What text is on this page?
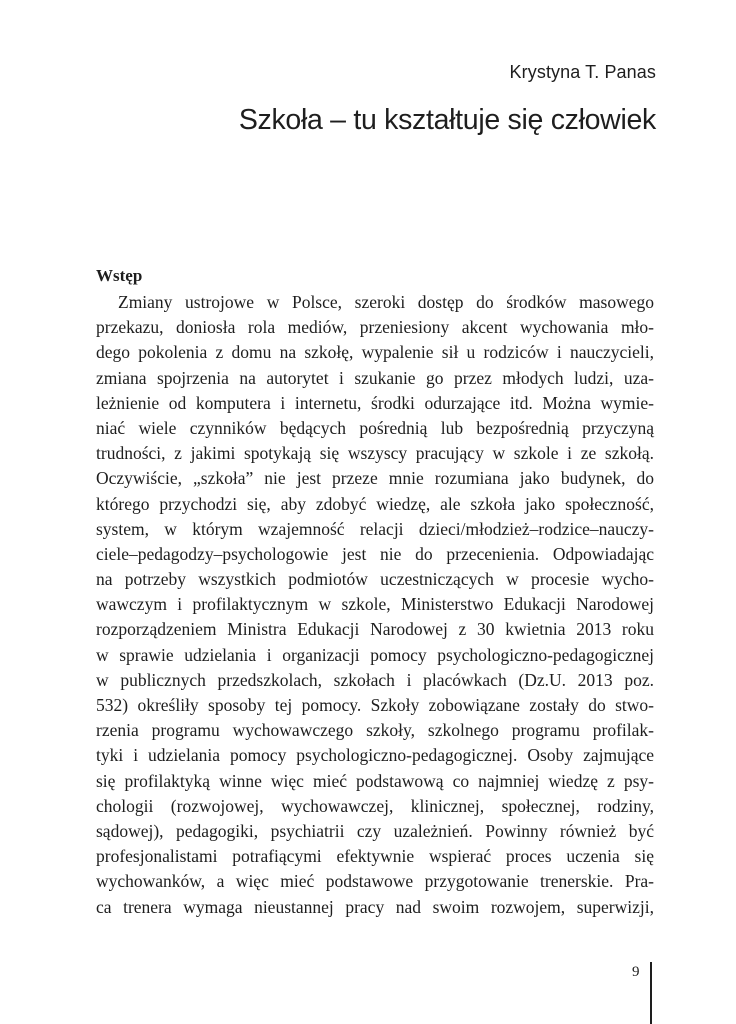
Krystyna T. Panas
Szkoła – tu kształtuje się człowiek
Wstęp
Zmiany ustrojowe w Polsce, szeroki dostęp do środków masowego
przekazu, doniosła rola mediów, przeniesiony akcent wychowania mło-
dego pokolenia z domu na szkołę, wypalenie sił u rodziców i nauczycieli,
zmiana spojrzenia na autorytet i szukanie go przez młodych ludzi, uza-
leżnienie od komputera i internetu, środki odurzające itd. Można wymie-
niać wiele czynników będących pośrednią lub bezpośrednią przyczyną
trudności, z jakimi spotykają się wszyscy pracujący w szkole i ze szkołą.
Oczywiście, „szkoła” nie jest przeze mnie rozumiana jako budynek, do
którego przychodzi się, aby zdobyć wiedzę, ale szkoła jako społeczność,
system, w którym wzajemność relacji dzieci/młodzież–rodzice–nauczy-
ciele–pedagodzy–psychologowie jest nie do przecenienia. Odpowiadając
na potrzeby wszystkich podmiotów uczestniczących w procesie wycho-
wawczym i profilaktycznym w szkole, Ministerstwo Edukacji Narodowej
rozporządzeniem Ministra Edukacji Narodowej z 30 kwietnia 2013 roku
w sprawie udzielania i organizacji pomocy psychologiczno-pedagogicznej
w publicznych przedszkolach, szkołach i placówkach (Dz.U. 2013 poz.
532) określiły sposoby tej pomocy. Szkoły zobowiązane zostały do stwo-
rzenia programu wychowawczego szkoły, szkolnego programu profilak-
tyki i udzielania pomocy psychologiczno-pedagogicznej. Osoby zajmujące
się profilaktyką winne więc mieć podstawową co najmniej wiedzę z psy-
chologii (rozwojowej, wychowawczej, klinicznej, społecznej, rodziny,
sądowej), pedagogiki, psychiatrii czy uzależnień. Powinny również być
profesjonalistami potrafiącymi efektywnie wspierać proces uczenia się
wychowanków, a więc mieć podstawowe przygotowanie trenerskie. Pra-
ca trenera wymaga nieustannej pracy nad swoim rozwojem, superwizji,
9
